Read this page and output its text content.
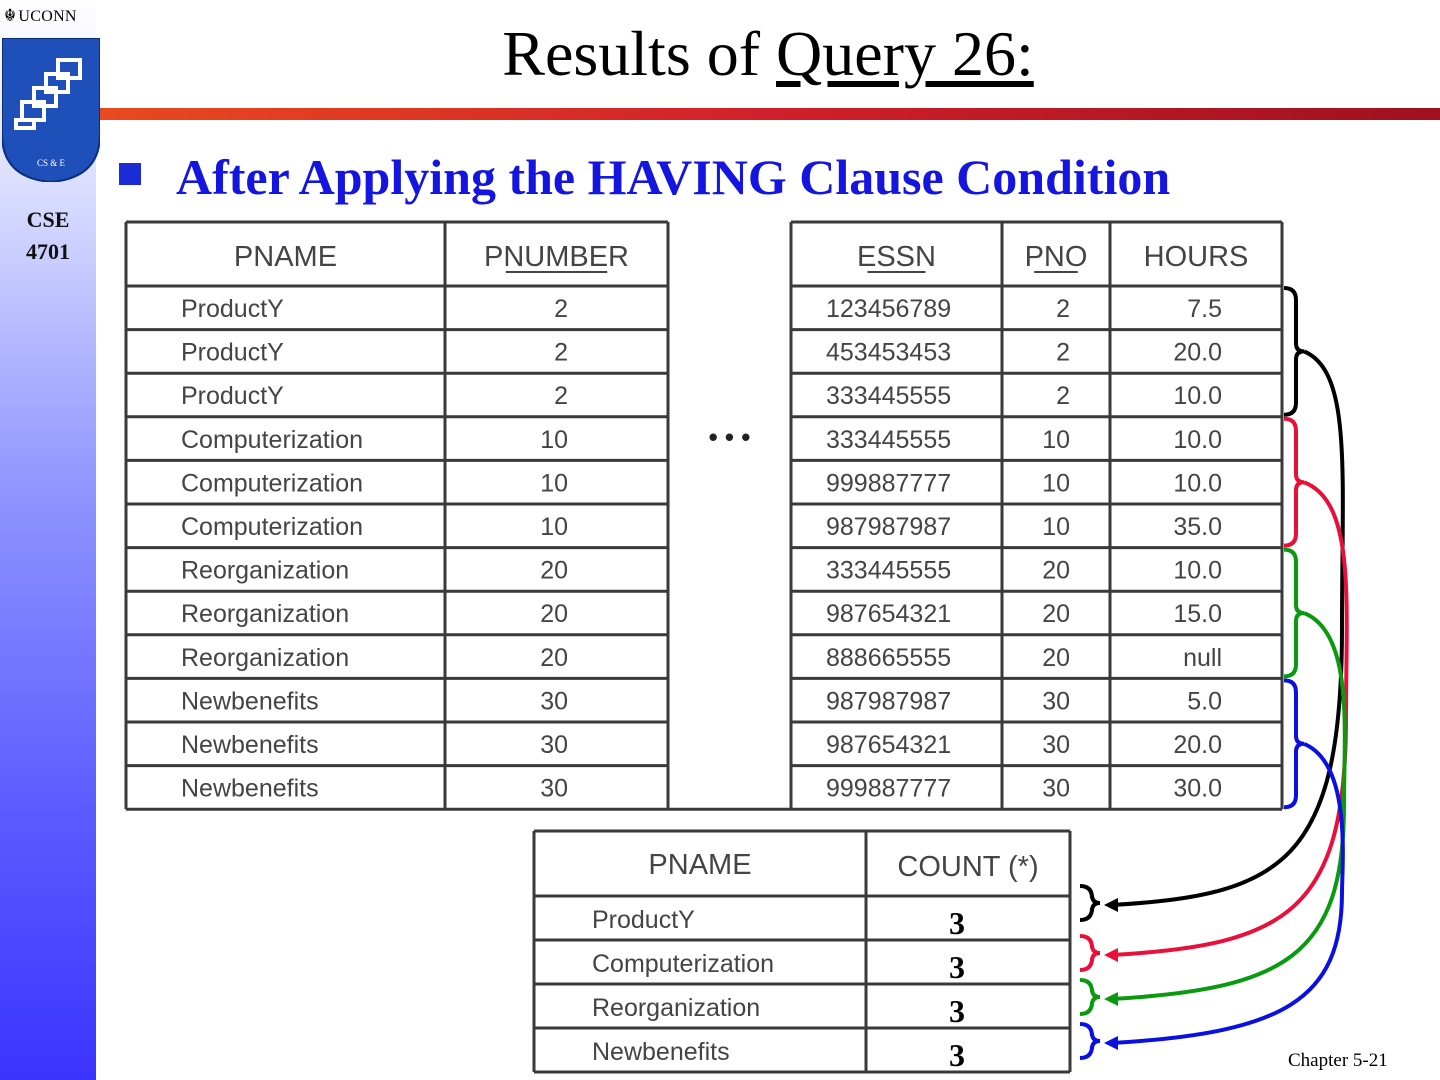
☬ UCONN
CS & E
CSE
4701
Results of Query 26:
After Applying the HAVING Clause Condition
PNAME	PNUMBER	ESSN	PNO HOURS
• • •
ProductY	2	123456789	2	7.5
ProductY	2	453453453	2	20.0
ProductY	2	333445555	2	10.0
Computerization	10	333445555	10	10.0
Computerization	10	999887777	10	10.0
Computerization	10	987987987	10	35.0
Reorganization	20	333445555	20	10.0
Reorganization	20	987654321	20	15.0
Reorganization	20	888665555	20	null
Newbenefits	30	987987987	30	5.0
Newbenefits	30	987654321	30	20.0
Newbenefits	30	999887777	30	30.0
PNAME	COUNT (*)
ProductY	3
Computerization	3
Reorganization	3
Newbenefits	3	Chapter 5-21
